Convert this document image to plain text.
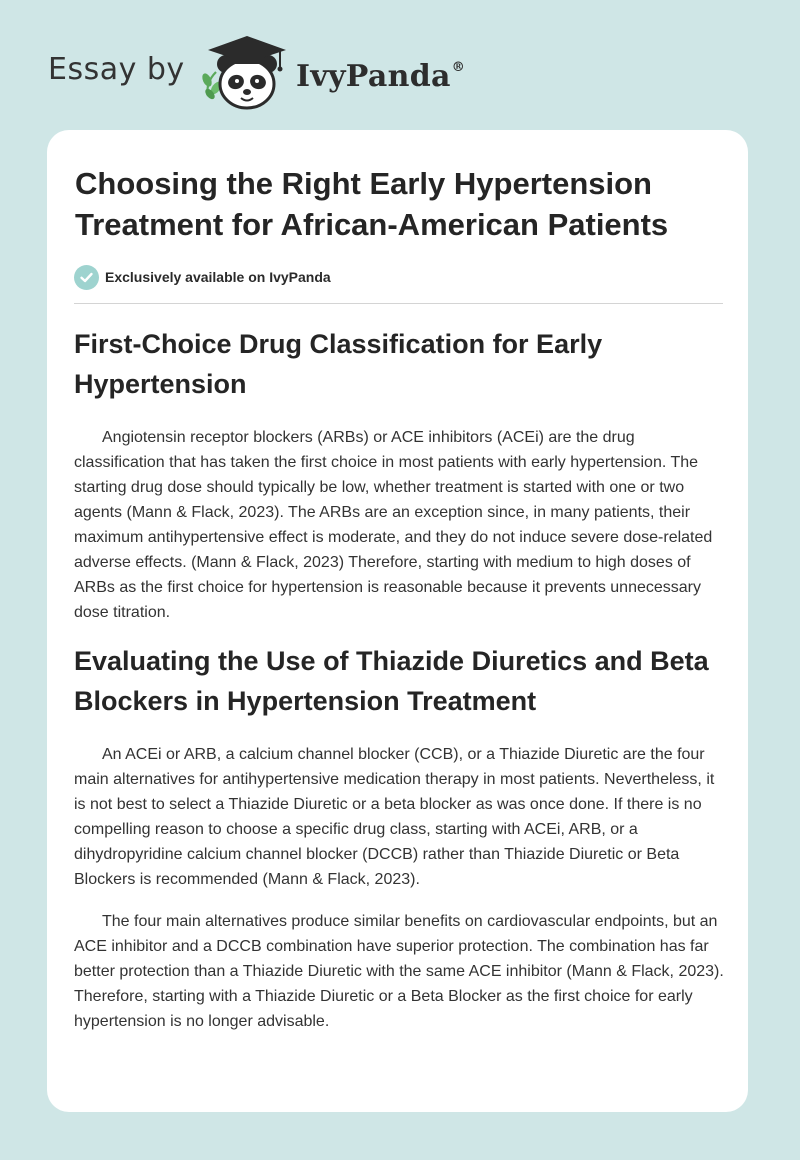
Essay by	IvyPanda®
Choosing the Right Early Hypertension Treatment for African-American Patients
Exclusively available on IvyPanda
First-Choice Drug Classification for Early Hypertension

Angiotensin receptor blockers (ARBs) or ACE inhibitors (ACEi) are the drug classification that has taken the first choice in most patients with early hypertension. The starting drug dose should typically be low, whether treatment is started with one or two agents (Mann & Flack, 2023). The ARBs are an exception since, in many patients, their maximum antihypertensive effect is moderate, and they do not induce severe dose-related adverse effects. (Mann & Flack, 2023) Therefore, starting with medium to high doses of ARBs as the first choice for hypertension is reasonable because it prevents unnecessary dose titration.

Evaluating the Use of Thiazide Diuretics and Beta Blockers in Hypertension Treatment

An ACEi or ARB, a calcium channel blocker (CCB), or a Thiazide Diuretic are the four main alternatives for antihypertensive medication therapy in most patients. Nevertheless, it is not best to select a Thiazide Diuretic or a beta blocker as was once done. If there is no compelling reason to choose a specific drug class, starting with ACEi, ARB, or a dihydropyridine calcium channel blocker (DCCB) rather than Thiazide Diuretic or Beta Blockers is recommended (Mann & Flack, 2023).

The four main alternatives produce similar benefits on cardiovascular endpoints, but an ACE inhibitor and a DCCB combination have superior protection. The combination has far better protection than a Thiazide Diuretic with the same ACE inhibitor (Mann & Flack, 2023). Therefore, starting with a Thiazide Diuretic or a Beta Blocker as the first choice for early hypertension is no longer advisable.
